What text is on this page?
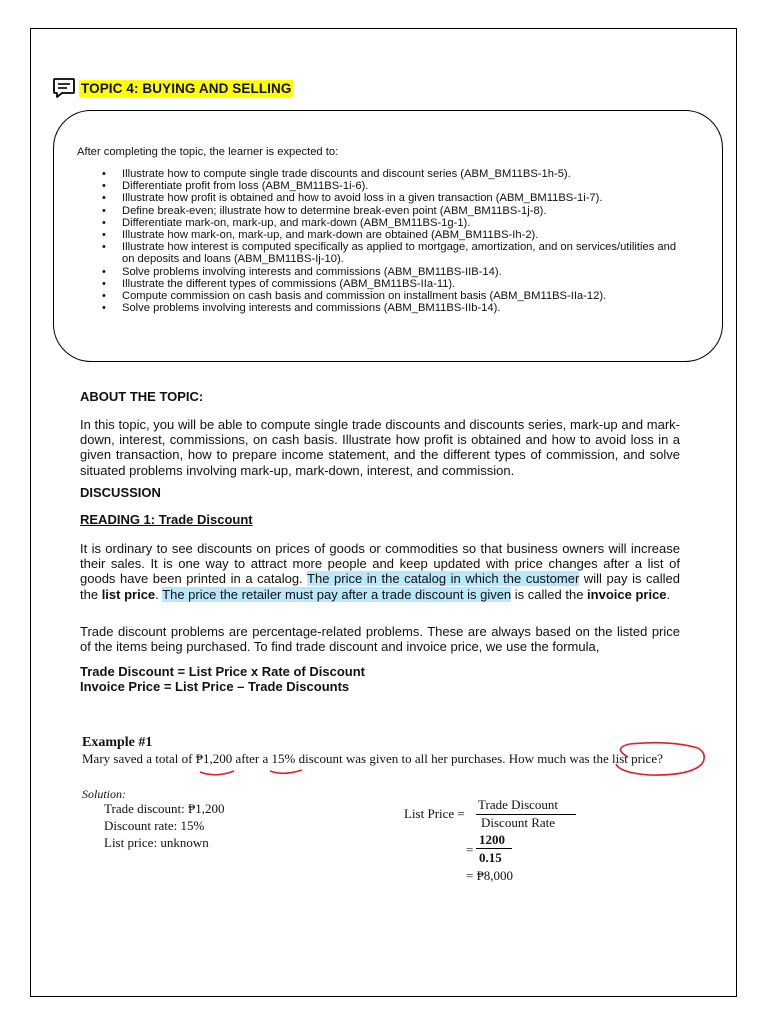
TOPIC 4: BUYING AND SELLING
After completing the topic, the learner is expected to:
• Illustrate how to compute single trade discounts and discount series (ABM_BM11BS-1h-5).
• Differentiate profit from loss (ABM_BM11BS-1i-6).
• Illustrate how profit is obtained and how to avoid loss in a given transaction (ABM_BM11BS-1i-7).
• Define break-even; illustrate how to determine break-even point (ABM_BM11BS-1j-8).
• Differentiate mark-on, mark-up, and mark-down (ABM_BM11BS-1g-1).
• Illustrate how mark-on, mark-up, and mark-down are obtained (ABM_BM11BS-Ih-2).
• Illustrate how interest is computed specifically as applied to mortgage, amortization, and on services/utilities and on deposits and loans (ABM_BM11BS-Ij-10).
• Solve problems involving interests and commissions (ABM_BM11BS-IIB-14).
• Illustrate the different types of commissions (ABM_BM11BS-IIa-11).
• Compute commission on cash basis and commission on installment basis (ABM_BM11BS-IIa-12).
• Solve problems involving interests and commissions (ABM_BM11BS-IIb-14).
ABOUT THE TOPIC:
In this topic, you will be able to compute single trade discounts and discounts series, mark-up and mark-down, interest, commissions, on cash basis. Illustrate how profit is obtained and how to avoid loss in a given transaction, how to prepare income statement, and the different types of commission, and solve situated problems involving mark-up, mark-down, interest, and commission.
DISCUSSION
READING 1: Trade Discount
It is ordinary to see discounts on prices of goods or commodities so that business owners will increase their sales. It is one way to attract more people and keep updated with price changes after a list of goods have been printed in a catalog. The price in the catalog in which the customer will pay is called the list price. The price the retailer must pay after a trade discount is given is called the invoice price.
Trade discount problems are percentage-related problems. These are always based on the listed price of the items being purchased. To find trade discount and invoice price, we use the formula,
Trade Discount = List Price x Rate of Discount
Invoice Price = List Price – Trade Discounts
Example #1
Mary saved a total of ₱1,200 after a 15% discount was given to all her purchases. How much was the list price?
Solution:
Trade discount: ₱1,200
Discount rate: 15%
List price: unknown
List Price =
Trade Discount
Discount Rate
=
1200
0.15
= ₱8,000
